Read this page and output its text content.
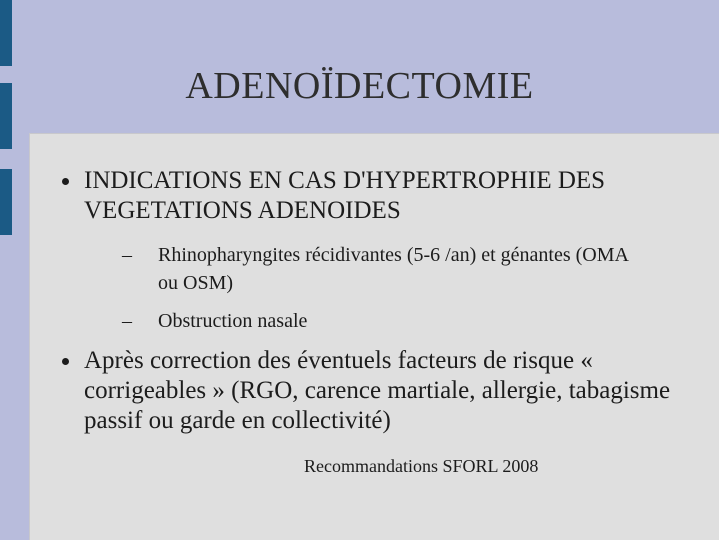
ADENOÏDECTOMIE
INDICATIONS EN CAS D'HYPERTROPHIE DES VEGETATIONS ADENOIDES
–	Rhinopharyngites récidivantes (5-6 /an) et génantes (OMA ou OSM)
–	Obstruction nasale
Après correction des éventuels facteurs de risque « corrigeables » (RGO, carence martiale, allergie, tabagisme passif ou garde en collectivité)
Recommandations SFORL 2008
